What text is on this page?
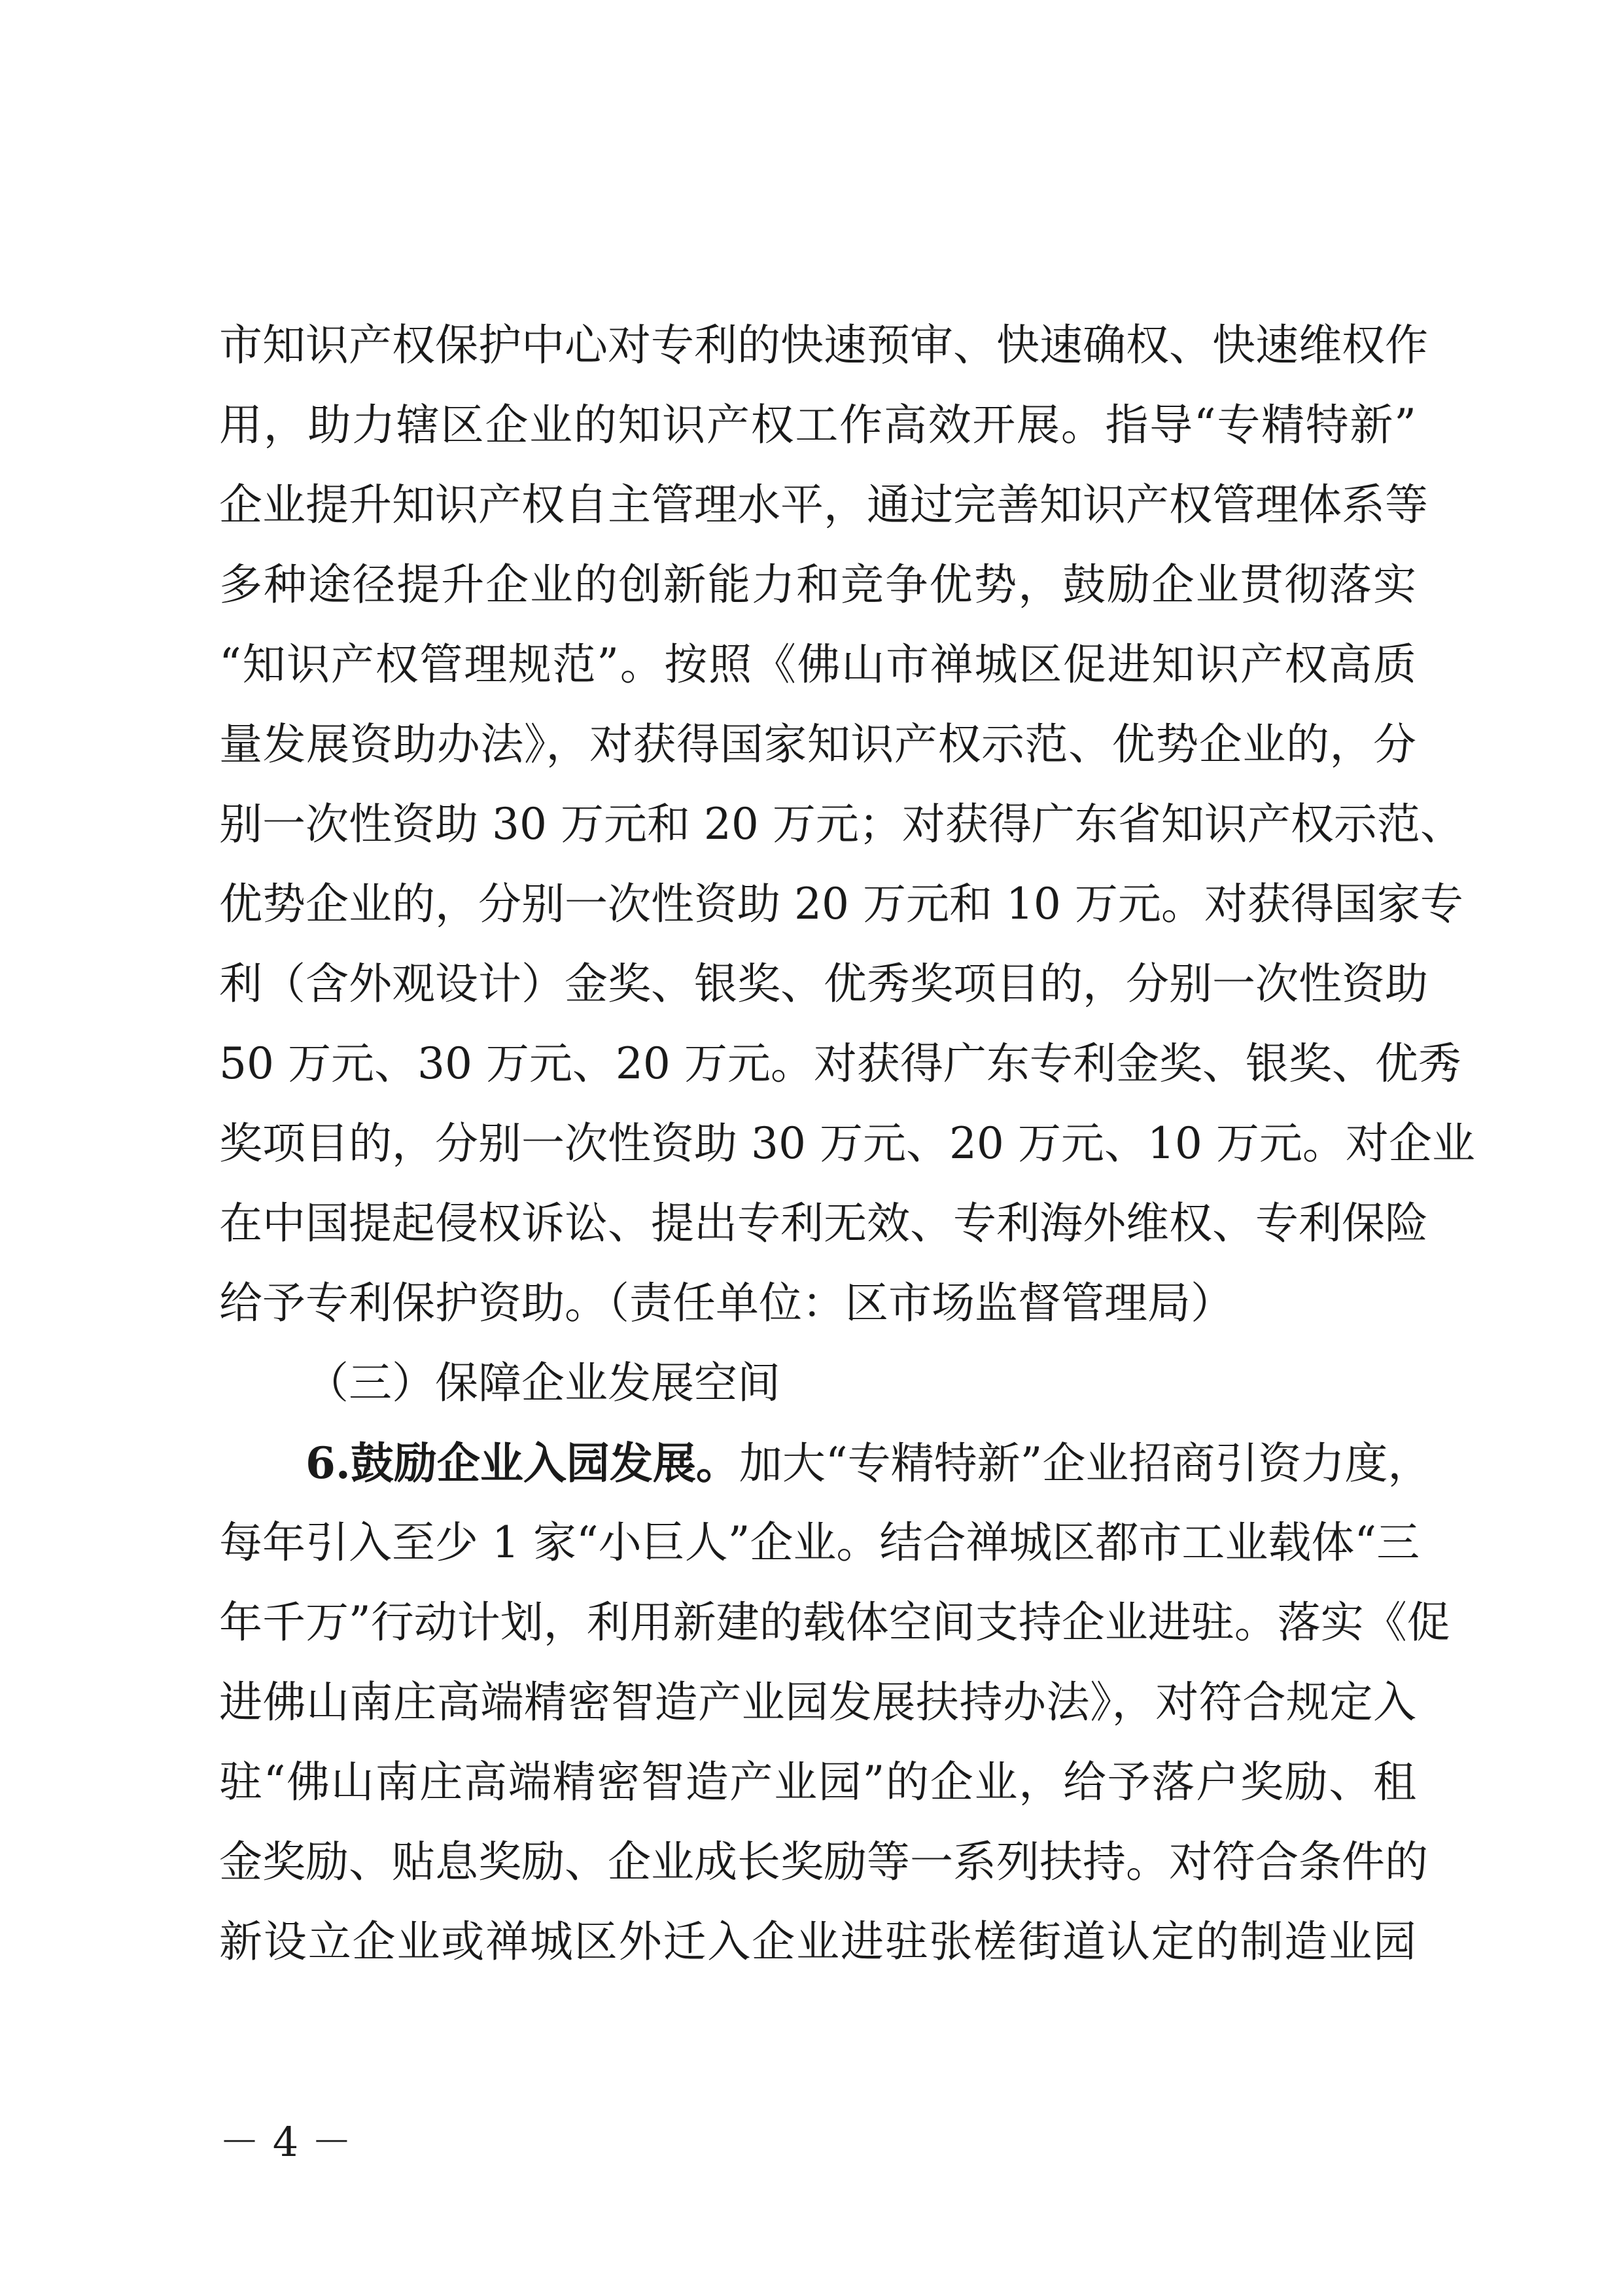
市知识产权保护中心对专利的快速预审、快速确权、快速维权作
用，助力辖区企业的知识产权工作高效开展。指导“专精特新”
企业提升知识产权自主管理水平，通过完善知识产权管理体系等
多种途径提升企业的创新能力和竞争优势，鼓励企业贯彻落实
“知识产权管理规范”。按照《佛山市禅城区促进知识产权高质
量发展资助办法》，对获得国家知识产权示范、优势企业的，分
别一次性资助 30 万元和 20 万元；对获得广东省知识产权示范、
优势企业的，分别一次性资助 20 万元和 10 万元。对获得国家专
利（含外观设计）金奖、银奖、优秀奖项目的，分别一次性资助
50 万元、30 万元、20 万元。对获得广东专利金奖、银奖、优秀
奖项目的，分别一次性资助 30 万元、20 万元、10 万元。对企业
在中国提起侵权诉讼、提出专利无效、专利海外维权、专利保险
给予专利保护资助。（责任单位：区市场监督管理局）
（三）保障企业发展空间
6.鼓励企业入园发展。加大“专精特新”企业招商引资力度，
每年引入至少 1 家“小巨人”企业。结合禅城区都市工业载体“三
年千万”行动计划，利用新建的载体空间支持企业进驻。落实《促
进佛山南庄高端精密智造产业园发展扶持办法》，对符合规定入
驻“佛山南庄高端精密智造产业园”的企业，给予落户奖励、租
金奖励、贴息奖励、企业成长奖励等一系列扶持。对符合条件的
新设立企业或禅城区外迁入企业进驻张槎街道认定的制造业园
－ 4 －
